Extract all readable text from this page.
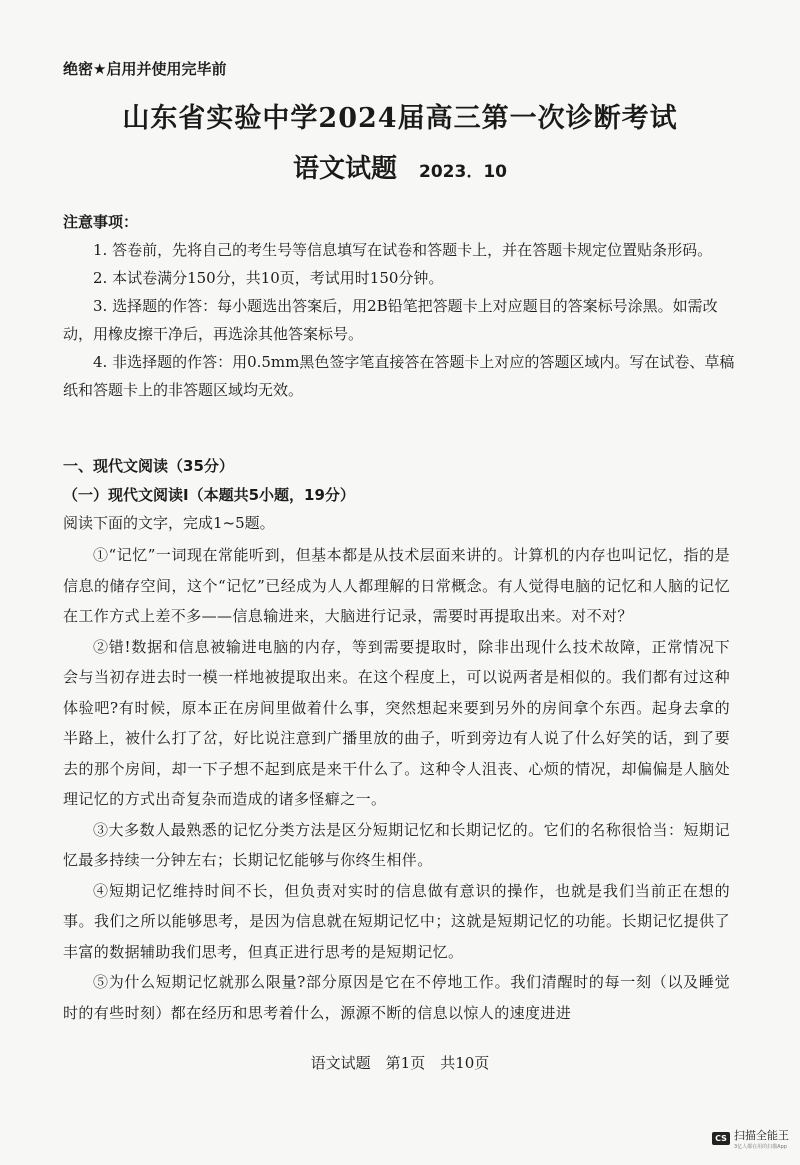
绝密★启用并使用完毕前
山东省实验中学2024届高三第一次诊断考试
语文试题 2023．10
注意事项：
1. 答卷前，先将自己的考生号等信息填写在试卷和答题卡上，并在答题卡规定位置贴条形码。
2. 本试卷满分150分，共10页，考试用时150分钟。
3. 选择题的作答：每小题选出答案后，用2B铅笔把答题卡上对应题目的答案标号涂黑。如需改动，用橡皮擦干净后，再选涂其他答案标号。
4. 非选择题的作答：用0.5mm黑色签字笔直接答在答题卡上对应的答题区域内。写在试卷、草稿纸和答题卡上的非答题区域均无效。
一、现代文阅读（35分）
（一）现代文阅读Ⅰ（本题共5小题，19分）
阅读下面的文字，完成1~5题。

①“记忆”一词现在常能听到，但基本都是从技术层面来讲的。计算机的内存也叫记忆，指的是信息的储存空间，这个“记忆”已经成为人人都理解的日常概念。有人觉得电脑的记忆和人脑的记忆在工作方式上差不多——信息输进来，大脑进行记录，需要时再提取出来。对不对？

②错!数据和信息被输进电脑的内存，等到需要提取时，除非出现什么技术故障，正常情况下会与当初存进去时一模一样地被提取出来。在这个程度上，可以说两者是相似的。我们都有过这种体验吧?有时候，原本正在房间里做着什么事，突然想起来要到另外的房间拿个东西。起身去拿的半路上，被什么打了岔，好比说注意到广播里放的曲子，听到旁边有人说了什么好笑的话，到了要去的那个房间，却一下子想不起到底是来干什么了。这种令人沮丧、心烦的情况，却偏偏是人脑处理记忆的方式出奇复杂而造成的诸多怪癖之一。

③大多数人最熟悉的记忆分类方法是区分短期记忆和长期记忆的。它们的名称很恰当：短期记忆最多持续一分钟左右；长期记忆能够与你终生相伴。

④短期记忆维持时间不长，但负责对实时的信息做有意识的操作，也就是我们当前正在想的事。我们之所以能够思考，是因为信息就在短期记忆中；这就是短期记忆的功能。长期记忆提供了丰富的数据辅助我们思考，但真正进行思考的是短期记忆。

⑤为什么短期记忆就那么限量?部分原因是它在不停地工作。我们清醒时的每一刻（以及睡觉时的有些时刻）都在经历和思考着什么，源源不断的信息以惊人的速度进进

语文试题　第1页　共10页
CS 扫描全能王
3亿人都在用的扫描App
